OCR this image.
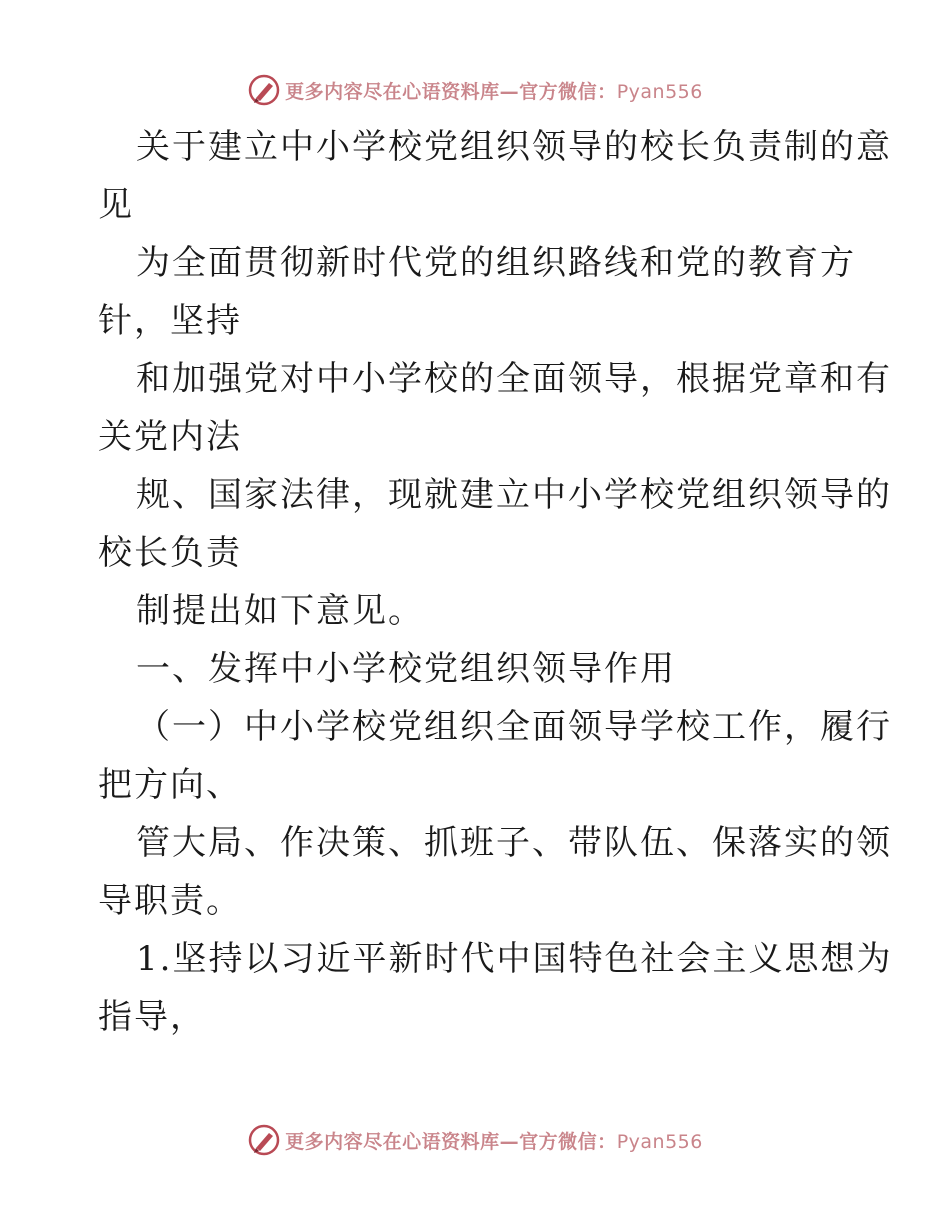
更多内容尽在心语资料库—官方微信：Pyan556
关于建立中小学校党组织领导的校长负责制的意
见
为全面贯彻新时代党的组织路线和党的教育方
针，坚持
和加强党对中小学校的全面领导，根据党章和有
关党内法
规、国家法律，现就建立中小学校党组织领导的
校长负责
制提出如下意见。
一、发挥中小学校党组织领导作用
（一）中小学校党组织全面领导学校工作，履行
把方向、
管大局、作决策、抓班子、带队伍、保落实的领
导职责。
1.坚持以习近平新时代中国特色社会主义思想为
指导，
更多内容尽在心语资料库—官方微信：Pyan556
